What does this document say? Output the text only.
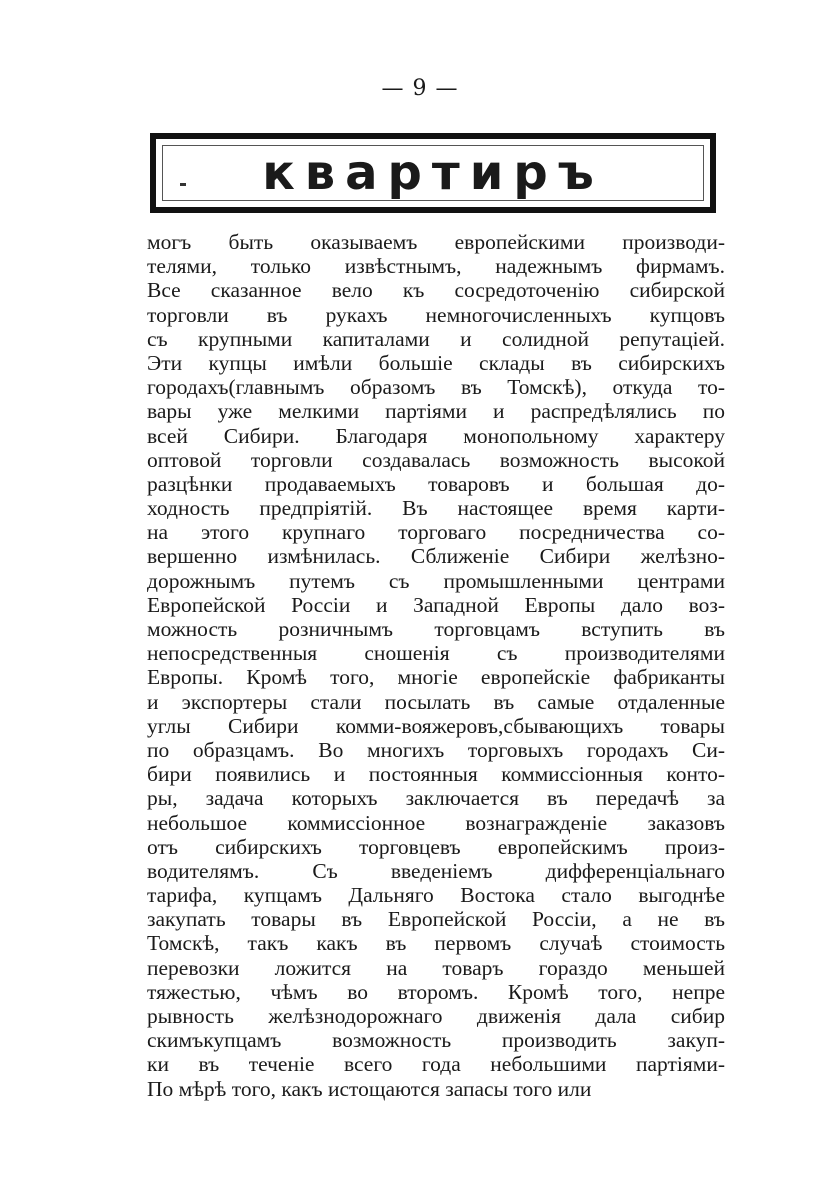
— 9 —
квартиръ
могъ быть оказываемъ европейскими производи-
телями, только извѣстнымъ, надежнымъ фирмамъ.
Все сказанное вело къ сосредоточенію сибирской
торговли въ рукахъ немногочисленныхъ купцовъ
съ крупными капиталами и солидной репутаціей.
Эти купцы имѣли большіе склады въ сибирскихъ
городахъ(главнымъ образомъ въ Томскѣ), откуда то-
вары уже мелкими партіями и распредѣлялись по
всей Сибири. Благодаря монопольному характеру
оптовой торговли создавалась возможность высокой
разцѣнки продаваемыхъ товаровъ и большая до-
ходность предпріятій. Въ настоящее время карти-
на этого крупнаго торговаго посредничества со-
вершенно измѣнилась. Сближеніе Сибири желѣзно-
дорожнымъ путемъ съ промышленными центрами
Европейской Россіи и Западной Европы дало воз-
можность розничнымъ торговцамъ вступить въ
непосредственныя сношенія съ производителями
Европы. Кромѣ того, многіе европейскіе фабриканты
и экспортеры стали посылать въ самые отдаленные
углы Сибири комми-вояжеровъ,сбывающихъ товары
по образцамъ. Во многихъ торговыхъ городахъ Си-
бири появились и постоянныя коммиссіонныя конто-
ры, задача которыхъ заключается въ передачѣ за
небольшое коммиссіонное вознагражденіе заказовъ
отъ сибирскихъ торговцевъ европейскимъ произ-
водителямъ. Съ введеніемъ дифференціальнаго
тарифа, купцамъ Дальняго Востока стало выгоднѣе
закупать товары въ Европейской Россіи, а не въ
Томскѣ, такъ какъ въ первомъ случаѣ стоимость
перевозки ложится на товаръ гораздо меньшей
тяжестью, чѣмъ во второмъ. Кромѣ того, непре
рывность желѣзнодорожнаго движенія дала сибир
скимъкупцамъ возможность производить закуп-
ки въ теченіе всего года небольшими партіями-
По мѣрѣ того, какъ истощаются запасы того или
